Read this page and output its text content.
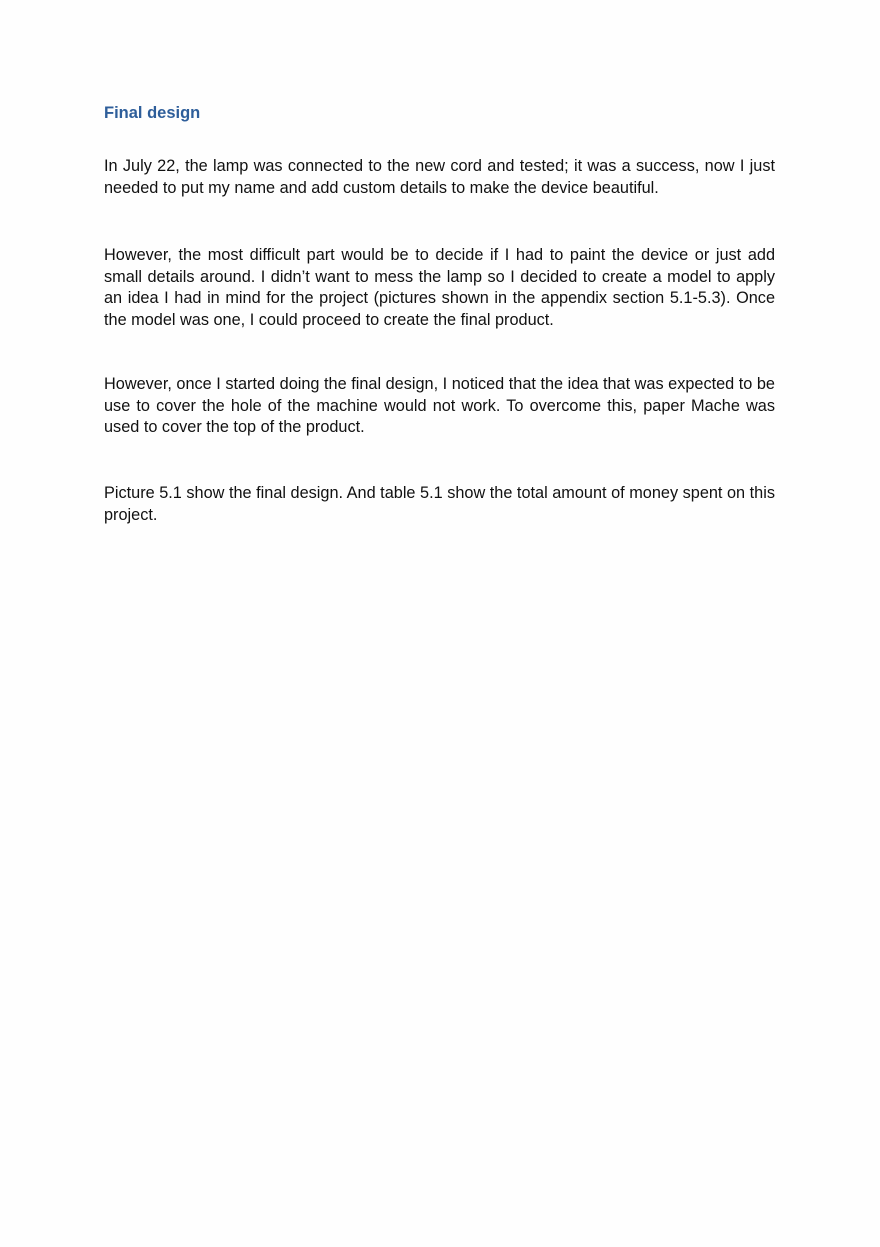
Final design

In July 22, the lamp was connected to the new cord and tested; it was a success, now I just needed to put my name and add custom details to make the device beautiful.

However, the most difficult part would be to decide if I had to paint the device or just add small details around. I didn’t want to mess the lamp so I decided to create a model to apply an idea I had in mind for the project (pictures shown in the appendix section 5.1-5.3). Once the model was one, I could proceed to create the final product.

However, once I started doing the final design, I noticed that the idea that was expected to be use to cover the hole of the machine would not work. To overcome this, paper Mache was used to cover the top of the product.

Picture 5.1 show the final design. And table 5.1 show the total amount of money spent on this project.
